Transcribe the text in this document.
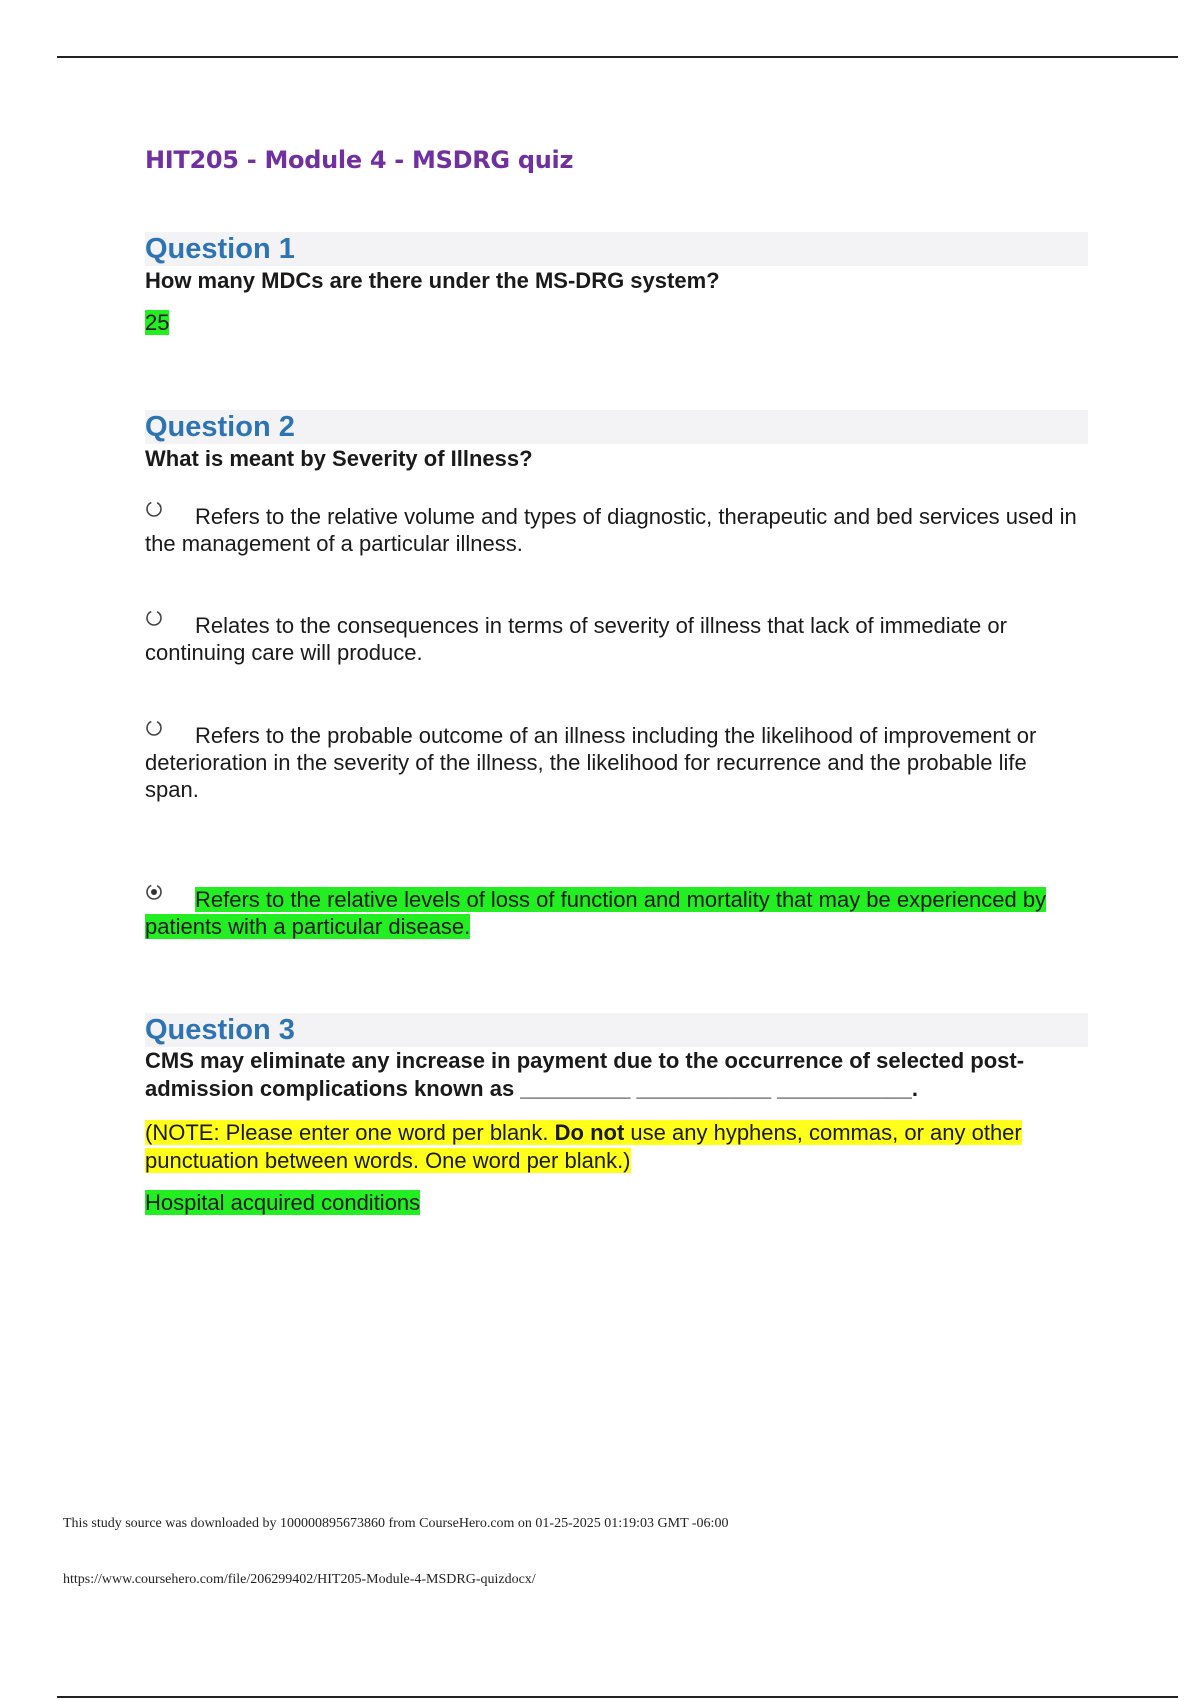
HIT205 - Module 4 - MSDRG quiz
Question 1

How many MDCs are there under the MS-DRG system?

25

Question 2

What is meant by Severity of Illness?

Refers to the relative volume and types of diagnostic, therapeutic and bed services used in the management of a particular illness.

Relates to the consequences in terms of severity of illness that lack of immediate or continuing care will produce.

Refers to the probable outcome of an illness including the likelihood of improvement or deterioration in the severity of the illness, the likelihood for recurrence and the probable life span.

Refers to the relative levels of loss of function and mortality that may be experienced by patients with a particular disease.

Question 3

CMS may eliminate any increase in payment due to the occurrence of selected post-admission complications known as _________ ___________ ___________.

(NOTE: Please enter one word per blank. Do not use any hyphens, commas, or any other punctuation between words. One word per blank.)

Hospital acquired conditions

This study source was downloaded by 100000895673860 from CourseHero.com on 01-25-2025 01:19:03 GMT -06:00

https://www.coursehero.com/file/206299402/HIT205-Module-4-MSDRG-quizdocx/
